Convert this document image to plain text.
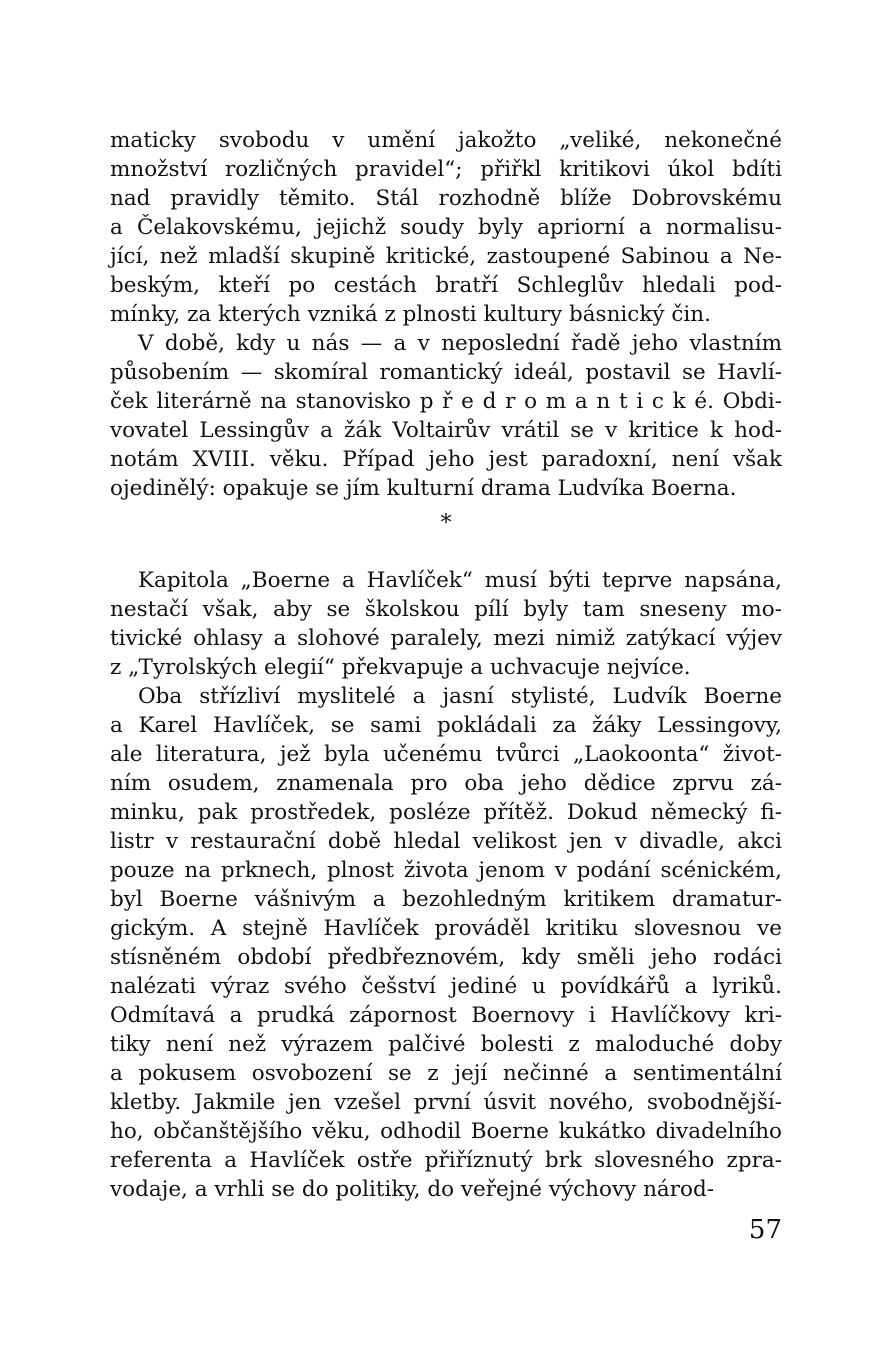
maticky svobodu v umění jakožto „veliké, nekonečné
množství rozličných pravidel“; přiřkl kritikovi úkol bdíti
nad pravidly těmito. Stál rozhodně blíže Dobrovskému
a Čelakovskému, jejichž soudy byly apriorní a normalisu-
jící, než mladší skupině kritické, zastoupené Sabinou a Ne-
beským, kteří po cestách bratří Schleglův hledali pod-
mínky, za kterých vzniká z plnosti kultury básnický čin.
V době, kdy u nás — a v neposlední řadě jeho vlastním
působením — skomíral romantický ideál, postavil se Havlí-
ček literárně na stanovisko p ř e d r o m a n t i c k é. Obdi-
vovatel Lessingův a žák Voltairův vrátil se v kritice k hod-
notám XVIII. věku. Případ jeho jest paradoxní, není však
ojedinělý: opakuje se jím kulturní drama Ludvíka Boerna.
*
Kapitola „Boerne a Havlíček“ musí býti teprve napsána,
nestačí však, aby se školskou pílí byly tam sneseny mo-
tivické ohlasy a slohové paralely, mezi nimiž zatýkací výjev
z „Tyrolských elegií“ překvapuje a uchvacuje nejvíce.
Oba střízliví myslitelé a jasní stylisté, Ludvík Boerne
a Karel Havlíček, se sami pokládali za žáky Lessingovy,
ale literatura, jež byla učenému tvůrci „Laokoonta“ život-
ním osudem, znamenala pro oba jeho dědice zprvu zá-
minku, pak prostředek, posléze přítěž. Dokud německý fi-
listr v restaurační době hledal velikost jen v divadle, akci
pouze na prknech, plnost života jenom v podání scénickém,
byl Boerne vášnivým a bezohledným kritikem dramatur-
gickým. A stejně Havlíček prováděl kritiku slovesnou ve
stísněném období předbřeznovém, kdy směli jeho rodáci
nalézati výraz svého češství jediné u povídkářů a lyriků.
Odmítavá a prudká zápornost Boernovy i Havlíčkovy kri-
tiky není než výrazem palčivé bolesti z maloduché doby
a pokusem osvobození se z její nečinné a sentimentální
kletby. Jakmile jen vzešel první úsvit nového, svobodnější-
ho, občanštějšího věku, odhodil Boerne kukátko divadelního
referenta a Havlíček ostře přiříznutý brk slovesného zpra-
vodaje, a vrhli se do politiky, do veřejné výchovy národ-
57
